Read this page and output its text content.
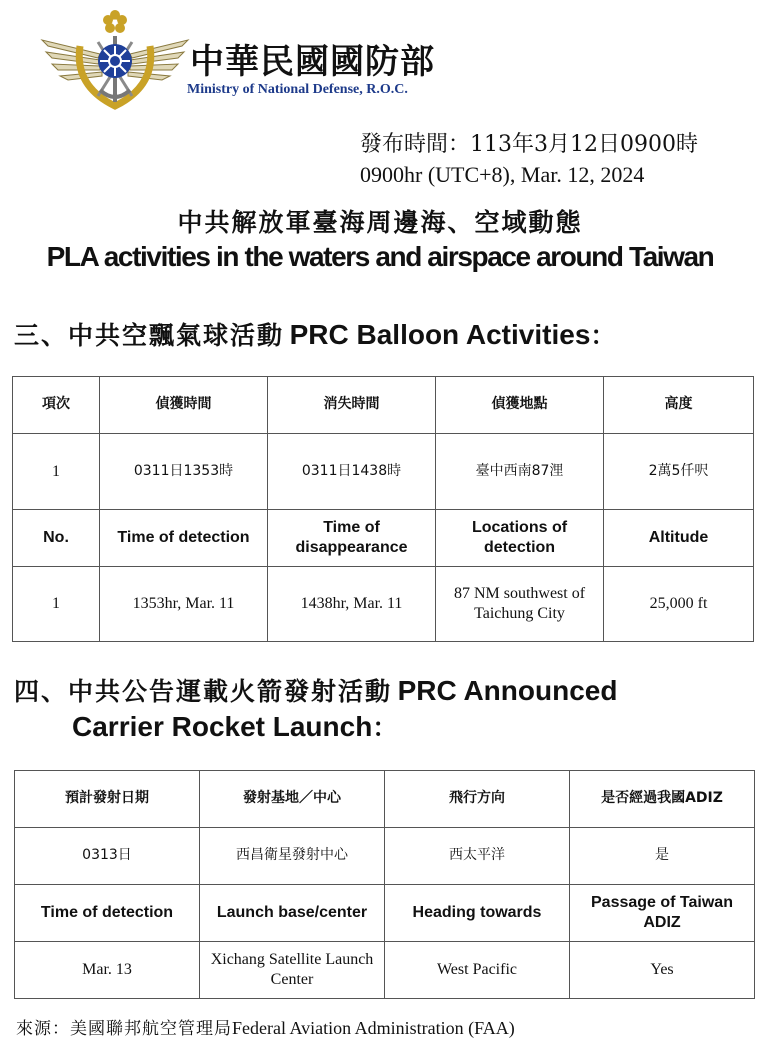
中華民國國防部
Ministry of National Defense, R.O.C.
發布時間：113年3月12日0900時
0900hr (UTC+8), Mar. 12, 2024
中共解放軍臺海周邊海、空域動態
PLA activities in the waters and airspace around Taiwan
三、中共空飄氣球活動 PRC Balloon Activities：
項次	偵獲時間	消失時間	偵獲地點	高度
1	0311日1353時	0311日1438時	臺中西南87浬	2萬5仟呎
No.	Time of detection	Time of disappearance	Locations of detection	Altitude
1	1353hr, Mar. 11	1438hr, Mar. 11	87 NM southwest of Taichung City	25,000 ft
四、中共公告運載火箭發射活動 PRC Announced
Carrier Rocket Launch：
預計發射日期	發射基地／中心	飛行方向	是否經過我國ADIZ
0313日	西昌衛星發射中心	西太平洋	是
Time of detection	Launch base/center	Heading towards	Passage of Taiwan ADIZ
Mar. 13	Xichang Satellite Launch Center	West Pacific	Yes
來源：美國聯邦航空管理局Federal Aviation Administration (FAA)
